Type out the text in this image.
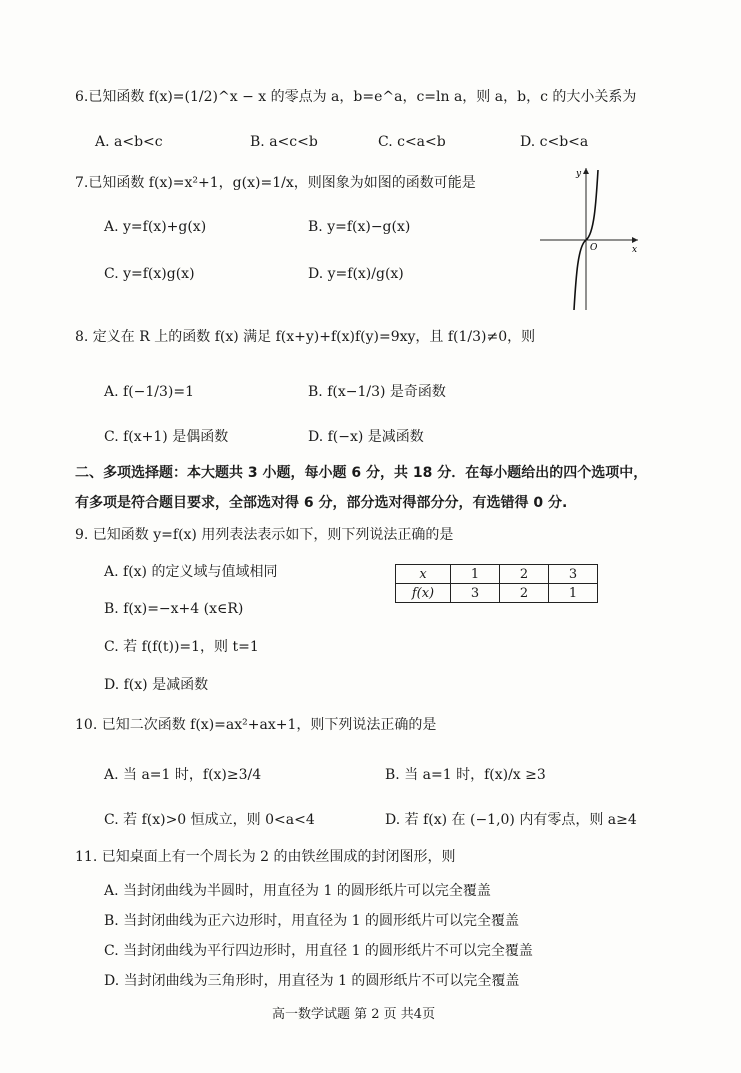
6.已知函数 f(x)=(1/2)^x − x 的零点为 a，b=e^a，c=ln a，则 a，b，c 的大小关系为
A. a<b<c	B. a<c<b	C. c<a<b	D. c<b<a
7.已知函数 f(x)=x²+1，g(x)=1/x，则图象为如图的函数可能是
A. y=f(x)+g(x)	B. y=f(x)−g(x)
C. y=f(x)g(x)	D. y=f(x)/g(x)
y
x
O
8. 定义在 R 上的函数 f(x) 满足 f(x+y)+f(x)f(y)=9xy，且 f(1/3)≠0，则
A. f(−1/3)=1	B. f(x−1/3) 是奇函数
C. f(x+1) 是偶函数	D. f(−x) 是减函数
二、多项选择题：本大题共 3 小题，每小题 6 分，共 18 分．在每小题给出的四个选项中，
有多项是符合题目要求，全部选对得 6 分，部分选对得部分分，有选错得 0 分.
9. 已知函数 y=f(x) 用列表法表示如下，则下列说法正确的是
A. f(x) 的定义域与值域相同
B. f(x)=−x+4 (x∈R)
C. 若 f(f(t))=1，则 t=1
D. f(x) 是减函数
x	1	2	3
f(x)	3	2	1
10. 已知二次函数 f(x)=ax²+ax+1，则下列说法正确的是
A. 当 a=1 时，f(x)≥3/4	B. 当 a=1 时，f(x)/x ≥3
C. 若 f(x)>0 恒成立，则 0<a<4	D. 若 f(x) 在 (−1,0) 内有零点，则 a≥4
11. 已知桌面上有一个周长为 2 的由铁丝围成的封闭图形，则
A. 当封闭曲线为半圆时，用直径为 1 的圆形纸片可以完全覆盖
B. 当封闭曲线为正六边形时，用直径为 1 的圆形纸片可以完全覆盖
C. 当封闭曲线为平行四边形时，用直径 1 的圆形纸片不可以完全覆盖
D. 当封闭曲线为三角形时，用直径为 1 的圆形纸片不可以完全覆盖
高一数学试题 第 2 页 共4页
